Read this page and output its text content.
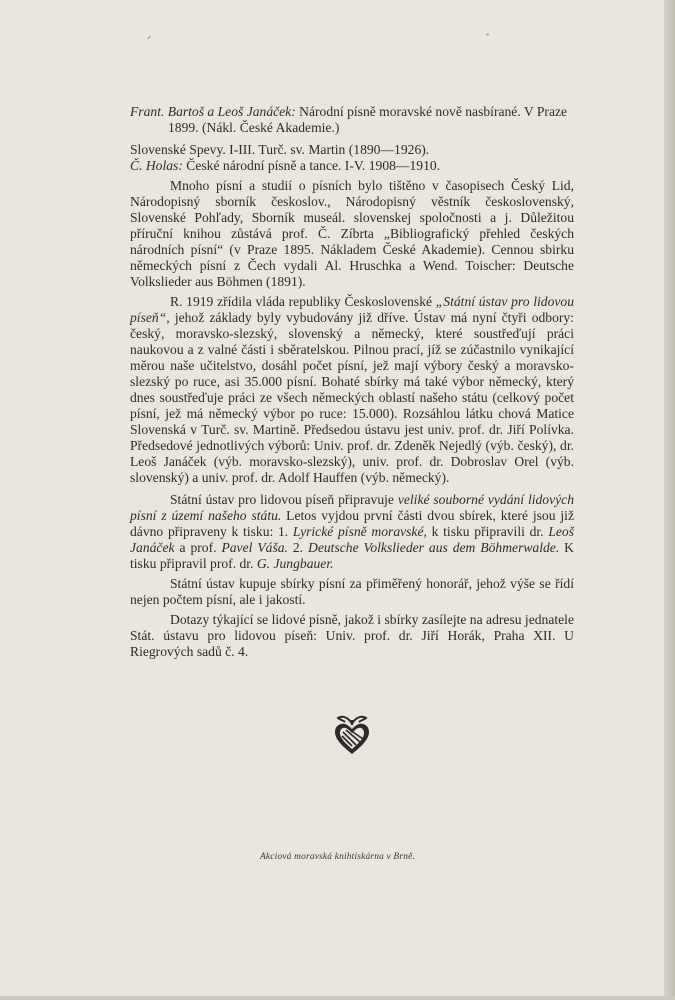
Frant. Bartoš a Leoš Janáček: Národní písně moravské nově nasbírané. V Praze 1899. (Nákl. České Akademie.)

Slovenské Spevy. I-III. Turč. sv. Martin (1890—1926).

Č. Holas: České národní písně a tance. I-V. 1908—1910.

Mnoho písní a studií o písních bylo tištěno v časopisech Český Lid, Národopisný sborník českoslov., Národopisný věstník československý, Slovenské Pohľady, Sborník museál. slovenskej spoločnosti a j. Důležitou příruční knihou zůstává prof. Č. Zíbrta „Bibliografický přehled českých národních písní“ (v Praze 1895. Nákladem České Akademie). Cennou sbirku německých písní z Čech vydali Al. Hruschka a Wend. Toischer: Deutsche Volkslieder aus Böhmen (1891).

R. 1919 zřídila vláda republiky Československé „Státní ústav pro lidovou píseň“, jehož základy byly vybudovány již dříve. Ústav má nyní čtyři odbory: český, moravsko-slezský, slovenský a německý, které soustřeďují práci naukovou a z valné části i sběratelskou. Pilnou prací, jíž se zúčastnilo vynikající měrou naše učitelstvo, dosáhl počet písní, jež mají výbory český a moravsko-slezský po ruce, asi 35.000 písní. Bohaté sbírky má také výbor německý, který dnes soustřeďuje práci ze všech německých oblastí našeho státu (celkový počet písní, jež má německý výbor po ruce: 15.000). Rozsáhlou látku chová Matice Slovenská v Turč. sv. Martině. Předsedou ústavu jest univ. prof. dr. Jiří Polívka. Předsedové jednotlivých výborů: Univ. prof. dr. Zdeněk Nejedlý (výb. český), dr. Leoš Janáček (výb. moravsko-slezský), univ. prof. dr. Dobroslav Orel (výb. slovenský) a univ. prof. dr. Adolf Hauffen (výb. německý).

Státní ústav pro lidovou píseň připravuje veliké souborné vydání lidových písní z území našeho státu. Letos vyjdou první části dvou sbírek, které jsou již dávno připraveny k tisku: 1. Lyrické písně moravské, k tisku připravili dr. Leoš Janáček a prof. Pavel Váša. 2. Deutsche Volkslieder aus dem Böhmerwalde. K tisku připravil prof. dr. G. Jungbauer.

Státní ústav kupuje sbírky písní za přiměřený honorář, jehož výše se řídí nejen počtem písní, ale i jakostí.

Dotazy týkající se lidové písně, jakož i sbírky zasílejte na adresu jednatele Stát. ústavu pro lidovou píseň: Univ. prof. dr. Jiří Horák, Praha XII. U Riegrových sadů č. 4.

Akciová moravská knihtiskárna v Brně.
